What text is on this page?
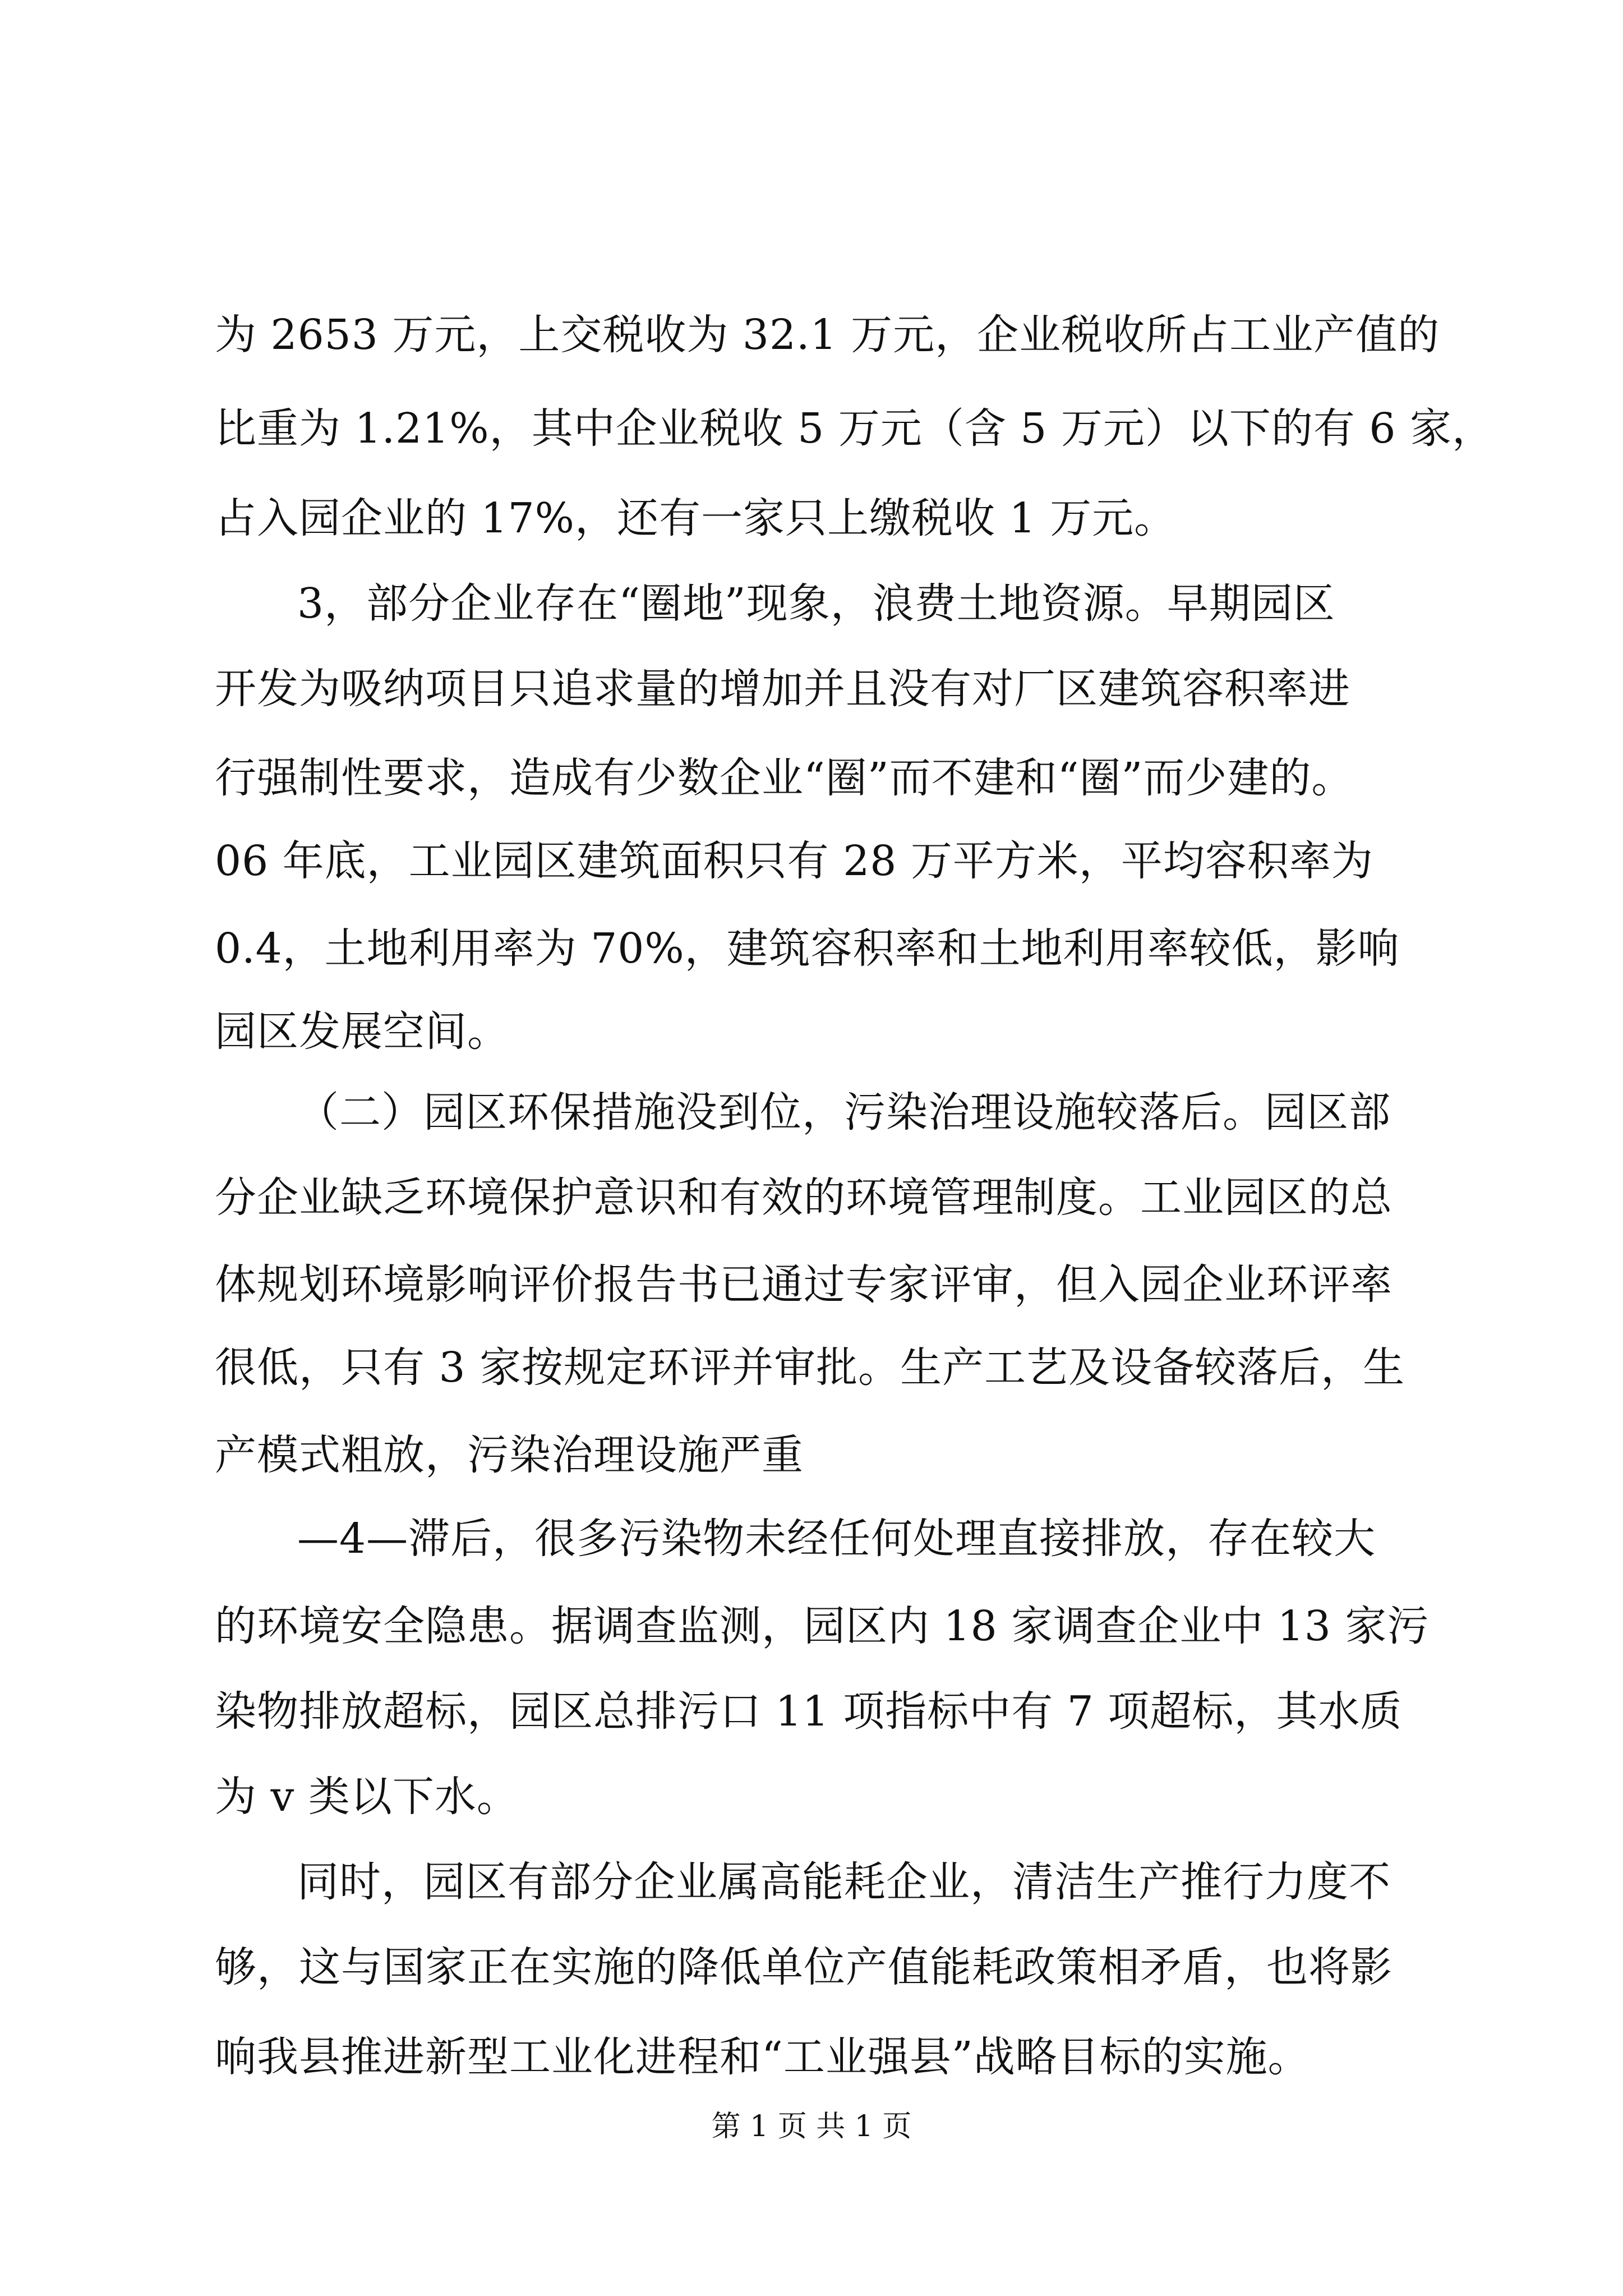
为 2653 万元，上交税收为 32.1 万元，企业税收所占工业产值的
比重为 1.21%，其中企业税收 5 万元（含 5 万元）以下的有 6 家，
占入园企业的 17%，还有一家只上缴税收 1 万元。
3，部分企业存在“圈地”现象，浪费土地资源。早期园区
开发为吸纳项目只追求量的增加并且没有对厂区建筑容积率进
行强制性要求，造成有少数企业“圈”而不建和“圈”而少建的。
06 年底，工业园区建筑面积只有 28 万平方米，平均容积率为
0.4，土地利用率为 70%，建筑容积率和土地利用率较低，影响
园区发展空间。
（二）园区环保措施没到位，污染治理设施较落后。园区部
分企业缺乏环境保护意识和有效的环境管理制度。工业园区的总
体规划环境影响评价报告书已通过专家评审，但入园企业环评率
很低，只有 3 家按规定环评并审批。生产工艺及设备较落后，生
产模式粗放，污染治理设施严重
—4—滞后，很多污染物未经任何处理直接排放，存在较大
的环境安全隐患。据调查监测，园区内 18 家调查企业中 13 家污
染物排放超标，园区总排污口 11 项指标中有 7 项超标，其水质
为 v 类以下水。
同时，园区有部分企业属高能耗企业，清洁生产推行力度不
够，这与国家正在实施的降低单位产值能耗政策相矛盾，也将影
响我县推进新型工业化进程和“工业强县”战略目标的实施。
第 1 页 共 1 页
